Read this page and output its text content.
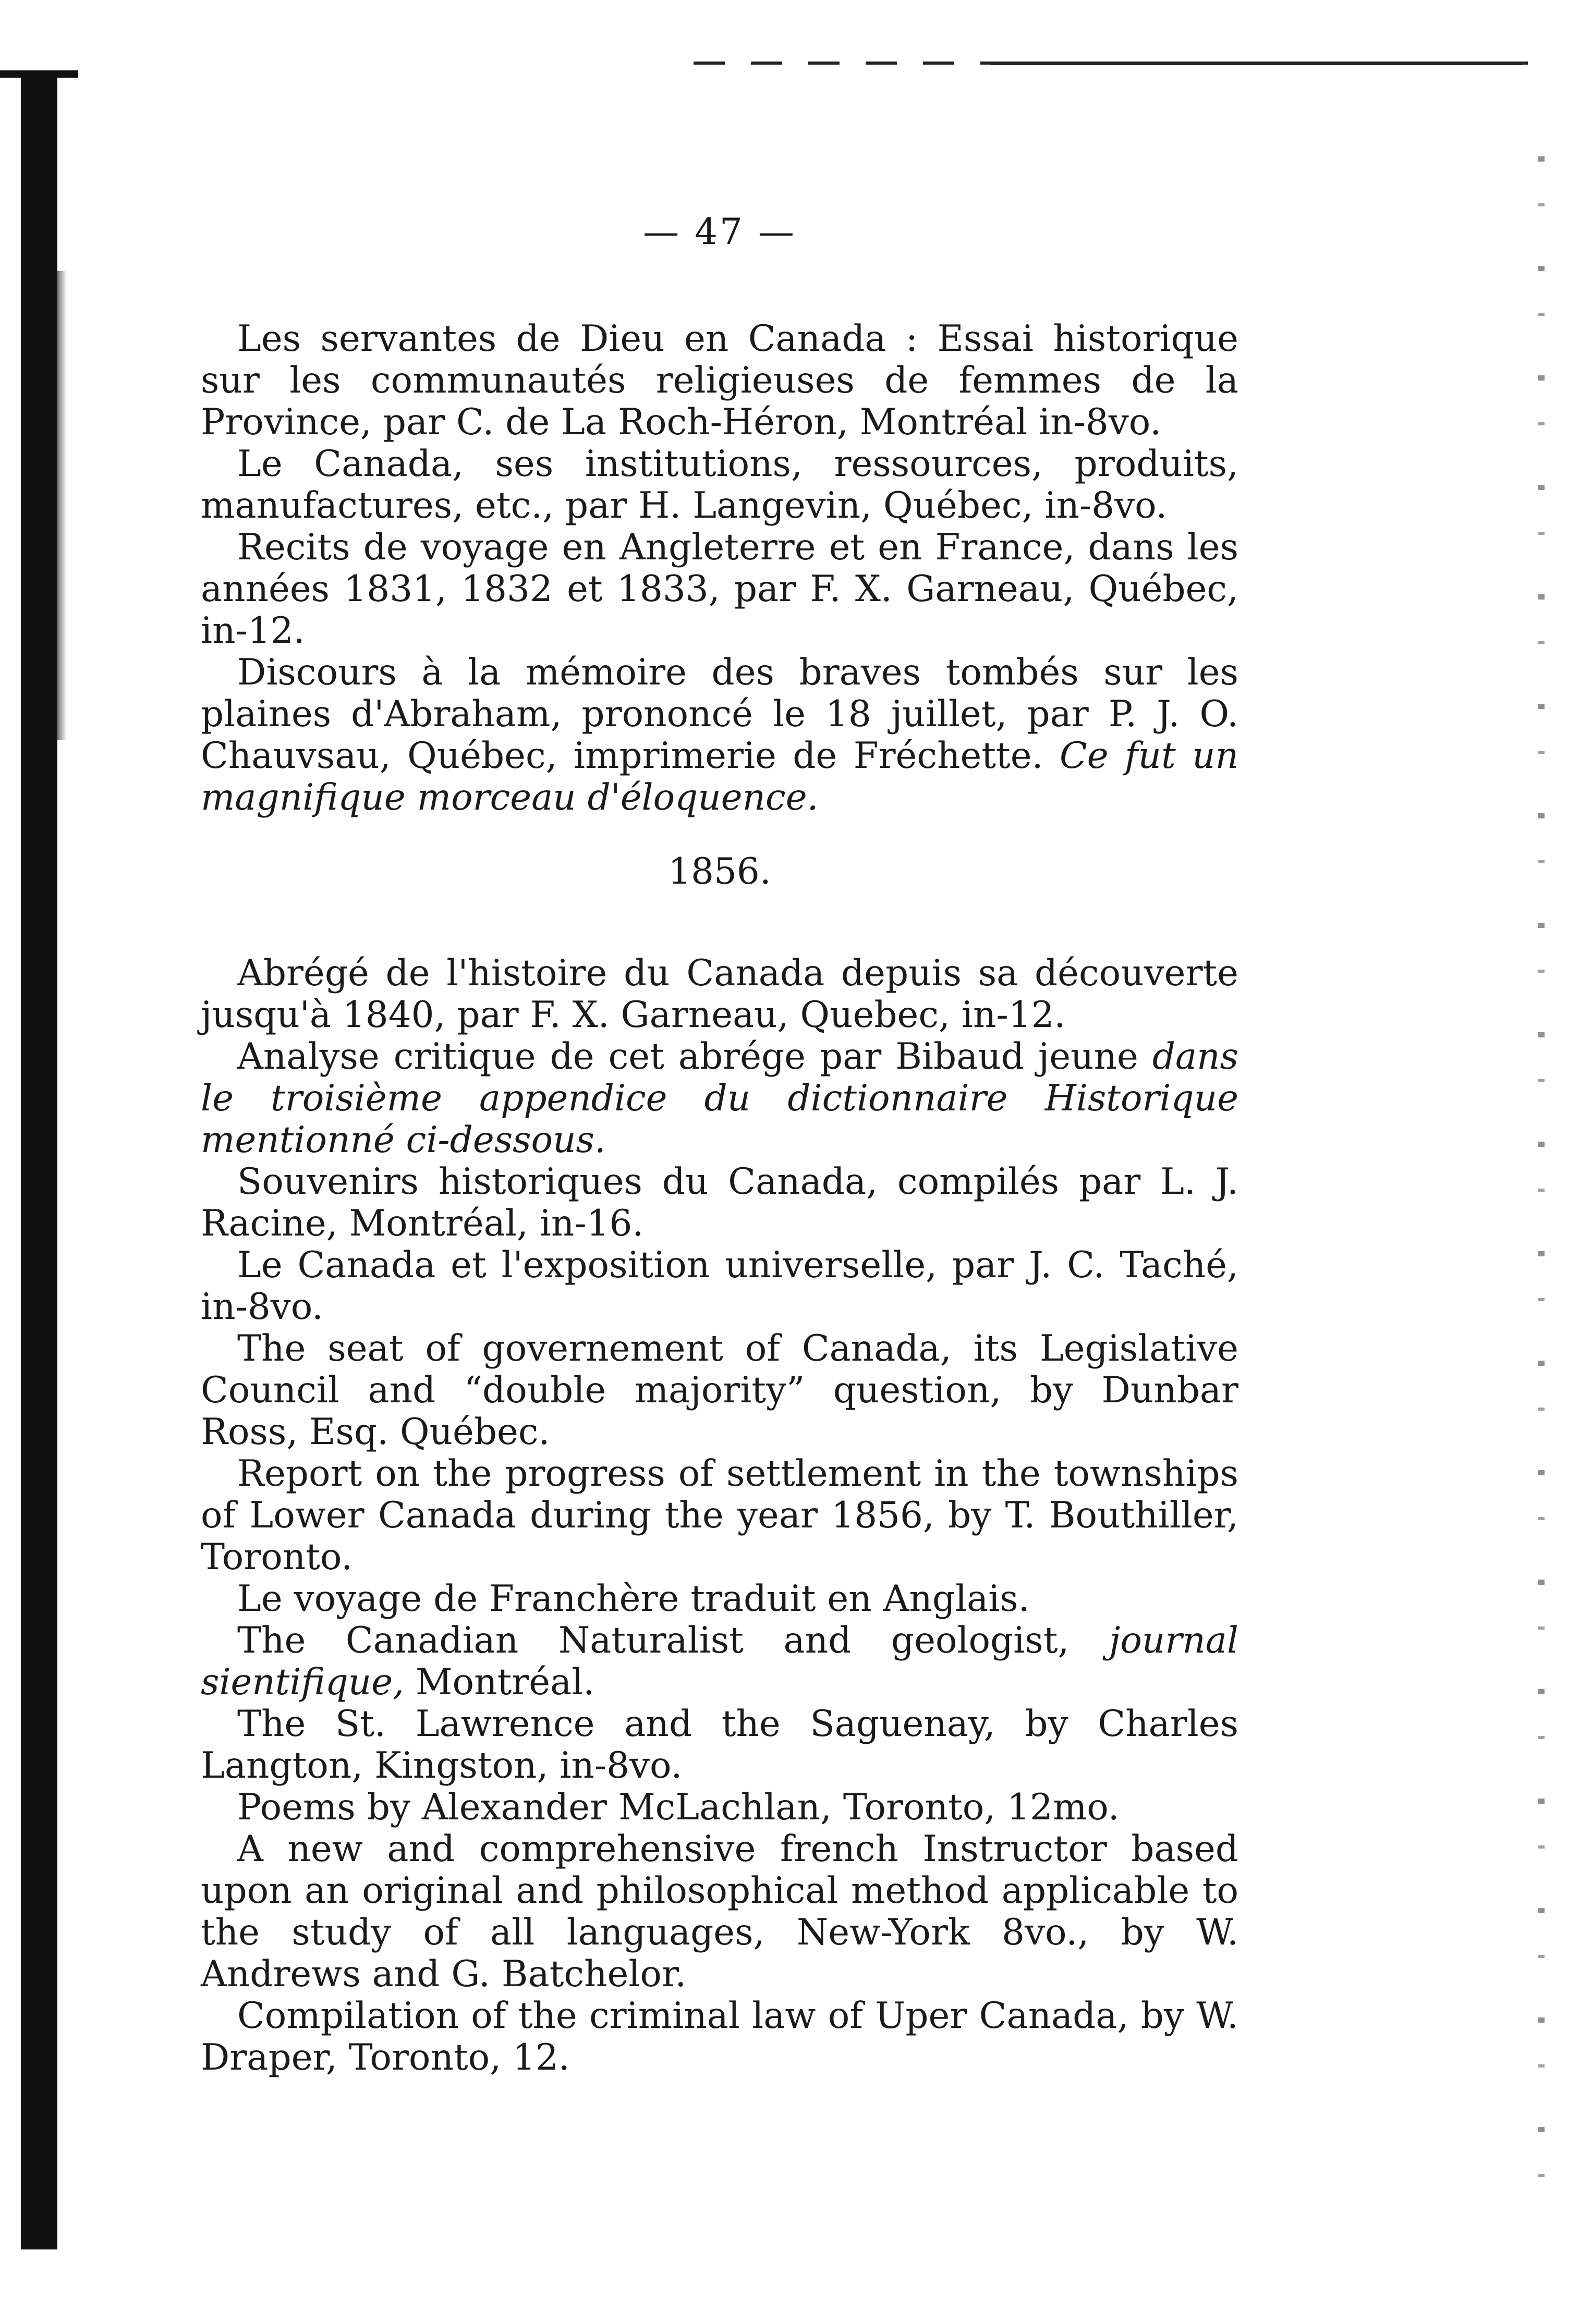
— 47 —

Les servantes de Dieu en Canada : Essai historique sur les communautés religieuses de femmes de la Province, par C. de La Roch-Héron, Montréal in-8vo.

Le Canada, ses institutions, ressources, produits, manufactures, etc., par H. Langevin, Québec, in-8vo.

Recits de voyage en Angleterre et en France, dans les années 1831, 1832 et 1833, par F. X. Garneau, Québec, in-12.

Discours à la mémoire des braves tombés sur les plaines d'Abraham, prononcé le 18 juillet, par P. J. O. Chauvsau, Québec, imprimerie de Fréchette. Ce fut un magnifique morceau d'éloquence.

1856.

Abrégé de l'histoire du Canada depuis sa découverte jusqu'à 1840, par F. X. Garneau, Quebec, in-12.

Analyse critique de cet abrége par Bibaud jeune dans le troisième appendice du dictionnaire Historique mentionné ci-dessous.

Souvenirs historiques du Canada, compilés par L. J. Racine, Montréal, in-16.

Le Canada et l'exposition universelle, par J. C. Taché, in-8vo.

The seat of governement of Canada, its Legislative Council and “double majority” question, by Dunbar Ross, Esq. Québec.

Report on the progress of settlement in the townships of Lower Canada during the year 1856, by T. Bouthiller, Toronto.

Le voyage de Franchère traduit en Anglais.

The Canadian Naturalist and geologist, journal sientifique, Montréal.

The St. Lawrence and the Saguenay, by Charles Langton, Kingston, in-8vo.

Poems by Alexander McLachlan, Toronto, 12mo.

A new and comprehensive french Instructor based upon an original and philosophical method applicable to the study of all languages, New-York 8vo., by W. Andrews and G. Batchelor.

Compilation of the criminal law of Uper Canada, by W. Draper, Toronto, 12.
